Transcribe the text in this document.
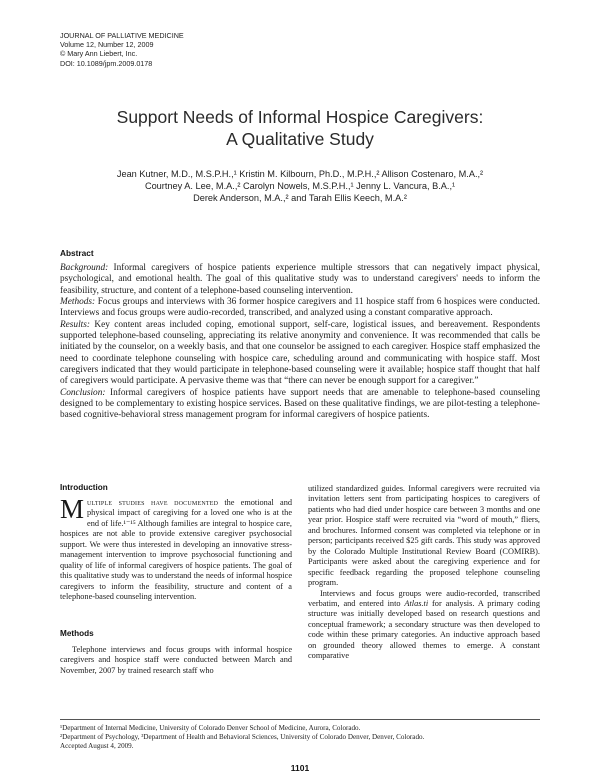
JOURNAL OF PALLIATIVE MEDICINE
Volume 12, Number 12, 2009
© Mary Ann Liebert, Inc.
DOI: 10.1089/jpm.2009.0178
Support Needs of Informal Hospice Caregivers:
A Qualitative Study
Jean Kutner, M.D., M.S.P.H.,¹ Kristin M. Kilbourn, Ph.D., M.P.H.,² Allison Costenaro, M.A.,²
Courtney A. Lee, M.A.,² Carolyn Nowels, M.S.P.H.,¹ Jenny L. Vancura, B.A.,¹
Derek Anderson, M.A.,² and Tarah Ellis Keech, M.A.²
Abstract

Background: Informal caregivers of hospice patients experience multiple stressors that can negatively impact physical, psychological, and emotional health. The goal of this qualitative study was to understand caregivers' needs to inform the feasibility, structure, and content of a telephone-based counseling intervention.

Methods: Focus groups and interviews with 36 former hospice caregivers and 11 hospice staff from 6 hospices were conducted. Interviews and focus groups were audio-recorded, transcribed, and analyzed using a constant comparative approach.

Results: Key content areas included coping, emotional support, self-care, logistical issues, and bereavement. Respondents supported telephone-based counseling, appreciating its relative anonymity and convenience. It was recommended that calls be initiated by the counselor, on a weekly basis, and that one counselor be assigned to each caregiver. Hospice staff emphasized the need to coordinate telephone counseling with hospice care, scheduling around and communicating with hospice staff. Most caregivers indicated that they would participate in telephone-based counseling were it available; hospice staff thought that half of caregivers would participate. A pervasive theme was that “there can never be enough support for a caregiver.”

Conclusion: Informal caregivers of hospice patients have support needs that are amenable to telephone-based counseling designed to be complementary to existing hospice services. Based on these qualitative findings, we are pilot-testing a telephone-based cognitive-behavioral stress management program for informal caregivers of hospice patients.

Introduction

Multiple studies have documented the emotional and physical impact of caregiving for a loved one who is at the end of life.¹⁻¹⁵ Although families are integral to hospice care, hospices are not able to provide extensive caregiver psychosocial support. We were thus interested in developing an innovative stress-management intervention to improve psychosocial functioning and quality of life of informal caregivers of hospice patients. The goal of this qualitative study was to understand the needs of informal hospice caregivers to inform the feasibility, structure and content of a telephone-based counseling intervention.

Methods

Telephone interviews and focus groups with informal hospice caregivers and hospice staff were conducted between March and November, 2007 by trained research staff who

utilized standardized guides. Informal caregivers were recruited via invitation letters sent from participating hospices to caregivers of patients who had died under hospice care between 3 months and one year prior. Hospice staff were recruited via “word of mouth,” fliers, and brochures. Informed consent was completed via telephone or in person; participants received $25 gift cards. This study was approved by the Colorado Multiple Institutional Review Board (COMIRB). Participants were asked about the caregiving experience and for specific feedback regarding the proposed telephone counseling program.

Interviews and focus groups were audio-recorded, transcribed verbatim, and entered into Atlas.ti for analysis. A primary coding structure was initially developed based on research questions and conceptual framework; a secondary structure was then developed to code within these primary categories. An inductive approach based on grounded theory allowed themes to emerge. A constant comparative

¹Department of Internal Medicine, University of Colorado Denver School of Medicine, Aurora, Colorado.
²Department of Psychology, ³Department of Health and Behavioral Sciences, University of Colorado Denver, Denver, Colorado.
Accepted August 4, 2009.
1101
